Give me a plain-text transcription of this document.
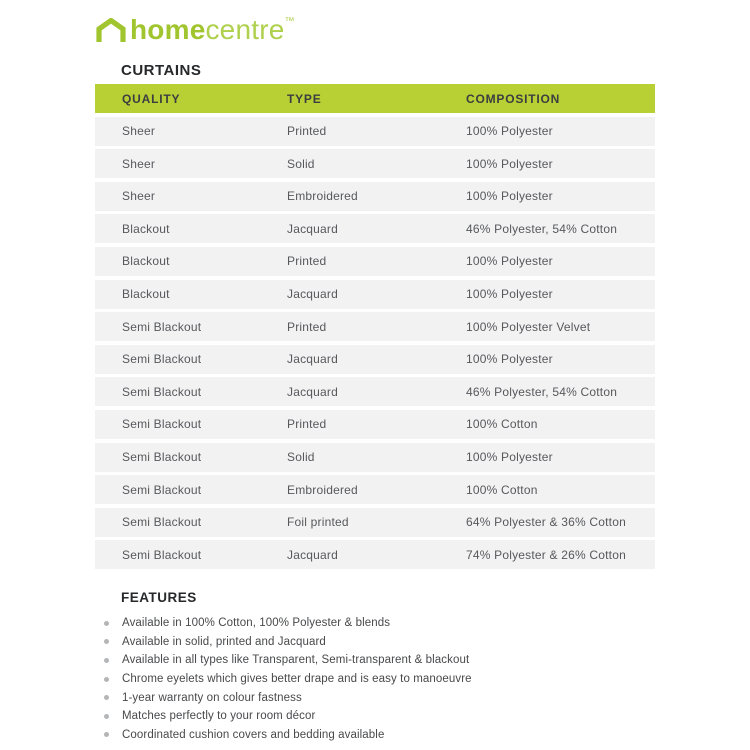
homecentre™
CURTAINS
QUALITY	TYPE	COMPOSITION
Sheer	Printed	100% Polyester
Sheer	Solid	100% Polyester
Sheer	Embroidered	100% Polyester
Blackout	Jacquard	46% Polyester, 54% Cotton
Blackout	Printed	100% Polyester
Blackout	Jacquard	100% Polyester
Semi Blackout	Printed	100% Polyester Velvet
Semi Blackout	Jacquard	100% Polyester
Semi Blackout	Jacquard	46% Polyester, 54% Cotton
Semi Blackout	Printed	100% Cotton
Semi Blackout	Solid	100% Polyester
Semi Blackout	Embroidered	100% Cotton
Semi Blackout	Foil printed	64% Polyester & 36% Cotton
Semi Blackout	Jacquard	74% Polyester & 26% Cotton
FEATURES
Available in 100% Cotton, 100% Polyester & blends
Available in solid, printed and Jacquard
Available in all types like Transparent, Semi-transparent & blackout
Chrome eyelets which gives better drape and is easy to manoeuvre
1-year warranty on colour fastness
Matches perfectly to your room décor
Coordinated cushion covers and bedding available
